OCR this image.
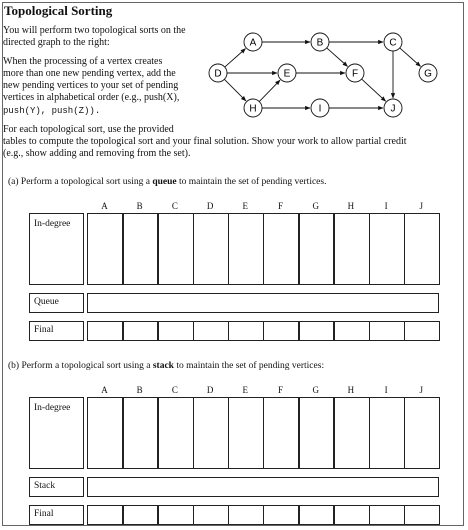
Topological Sorting
You will perform two topological sorts on the
directed graph to the right:
When the processing of a vertex creates
more than one new pending vertex, add the
new pending vertices to your set of pending
vertices in alphabetical order (e.g., push(X),
push(Y), push(Z)).
For each topological sort, use the provided
tables to compute the topological sort and your final solution. Show your work to allow partial credit
(e.g., show adding and removing from the set).
A	B	C
D	E	F	G
H	I	J
(a) Perform a topological sort using a queue to maintain the set of pending vertices.
A	B	C	D	E	F	G	H	I	J
In-degree
Queue
Final
(b) Perform a topological sort using a stack to maintain the set of pending vertices:
A	B	C	D	E	F	G	H	I	J
In-degree
Stack
Final
